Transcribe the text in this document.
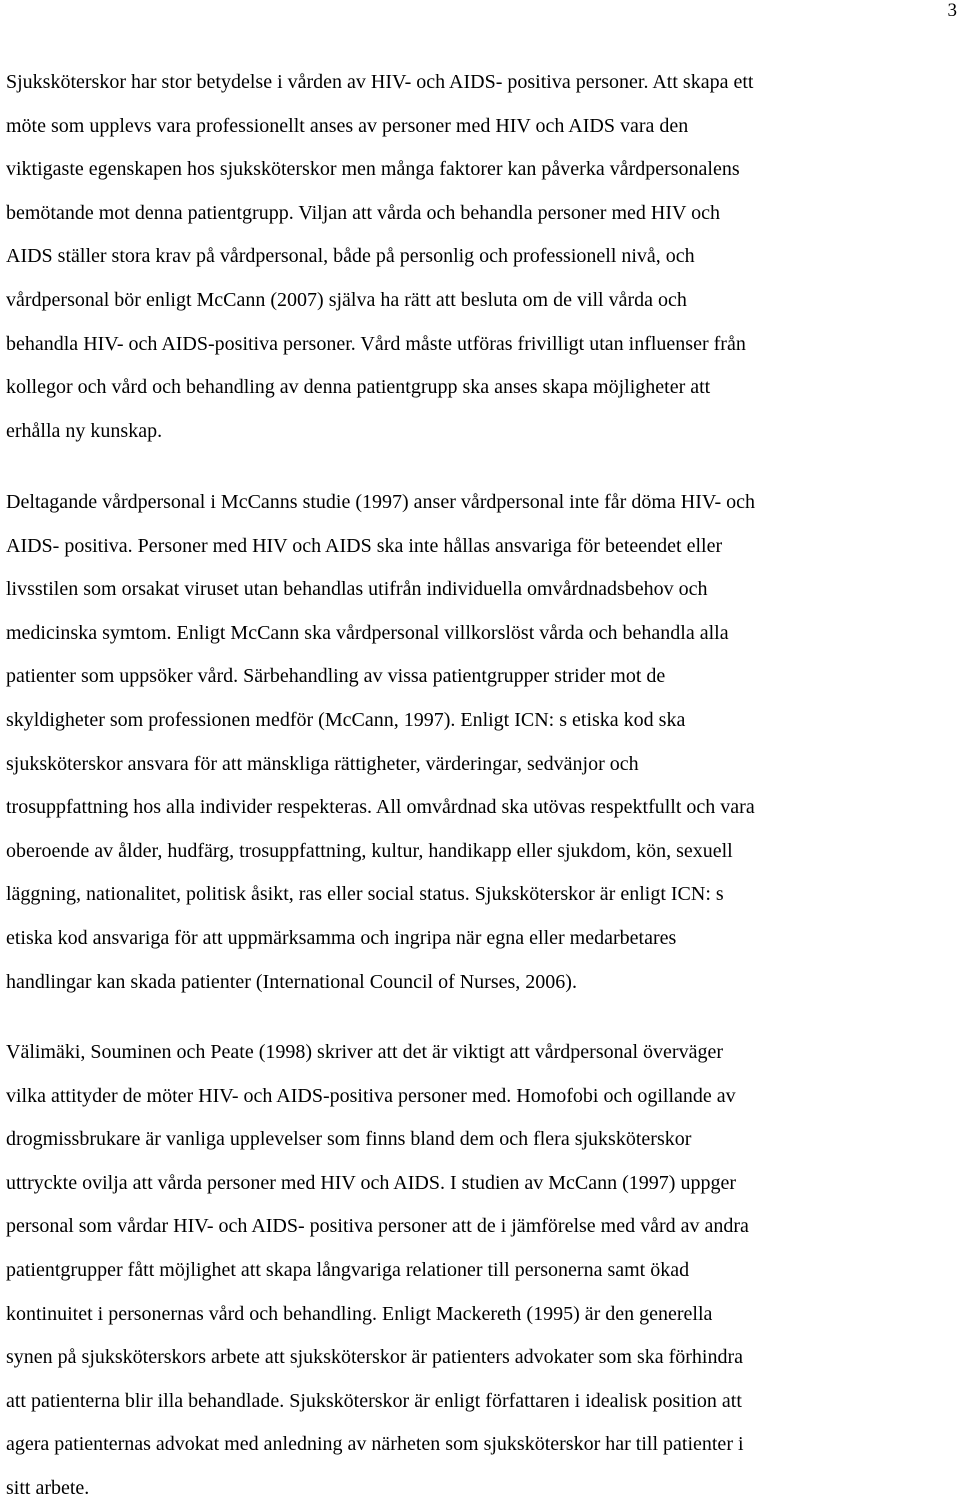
3

Sjuksköterskor har stor betydelse i vården av HIV- och AIDS- positiva personer. Att skapa ett
möte som upplevs vara professionellt anses av personer med HIV och AIDS vara den
viktigaste egenskapen hos sjuksköterskor men många faktorer kan påverka vårdpersonalens
bemötande mot denna patientgrupp. Viljan att vårda och behandla personer med HIV och
AIDS ställer stora krav på vårdpersonal, både på personlig och professionell nivå, och
vårdpersonal bör enligt McCann (2007) själva ha rätt att besluta om de vill vårda och
behandla HIV- och AIDS-positiva personer. Vård måste utföras frivilligt utan influenser från
kollegor och vård och behandling av denna patientgrupp ska anses skapa möjligheter att
erhålla ny kunskap.

Deltagande vårdpersonal i McCanns studie (1997) anser vårdpersonal inte får döma HIV- och
AIDS- positiva. Personer med HIV och AIDS ska inte hållas ansvariga för beteendet eller
livsstilen som orsakat viruset utan behandlas utifrån individuella omvårdnadsbehov och
medicinska symtom. Enligt McCann ska vårdpersonal villkorslöst vårda och behandla alla
patienter som uppsöker vård. Särbehandling av vissa patientgrupper strider mot de
skyldigheter som professionen medför (McCann, 1997). Enligt ICN: s etiska kod ska
sjuksköterskor ansvara för att mänskliga rättigheter, värderingar, sedvänjor och
trosuppfattning hos alla individer respekteras. All omvårdnad ska utövas respektfullt och vara
oberoende av ålder, hudfärg, trosuppfattning, kultur, handikapp eller sjukdom, kön, sexuell
läggning, nationalitet, politisk åsikt, ras eller social status. Sjuksköterskor är enligt ICN: s
etiska kod ansvariga för att uppmärksamma och ingripa när egna eller medarbetares
handlingar kan skada patienter (International Council of Nurses, 2006).

Välimäki, Souminen och Peate (1998) skriver att det är viktigt att vårdpersonal överväger
vilka attityder de möter HIV- och AIDS-positiva personer med. Homofobi och ogillande av
drogmissbrukare är vanliga upplevelser som finns bland dem och flera sjuksköterskor
uttryckte ovilja att vårda personer med HIV och AIDS. I studien av McCann (1997) uppger
personal som vårdar HIV- och AIDS- positiva personer att de i jämförelse med vård av andra
patientgrupper fått möjlighet att skapa långvariga relationer till personerna samt ökad
kontinuitet i personernas vård och behandling. Enligt Mackereth (1995) är den generella
synen på sjuksköterskors arbete att sjuksköterskor är patienters advokater som ska förhindra
att patienterna blir illa behandlade. Sjuksköterskor är enligt författaren i idealisk position att
agera patienternas advokat med anledning av närheten som sjuksköterskor har till patienter i
sitt arbete.
